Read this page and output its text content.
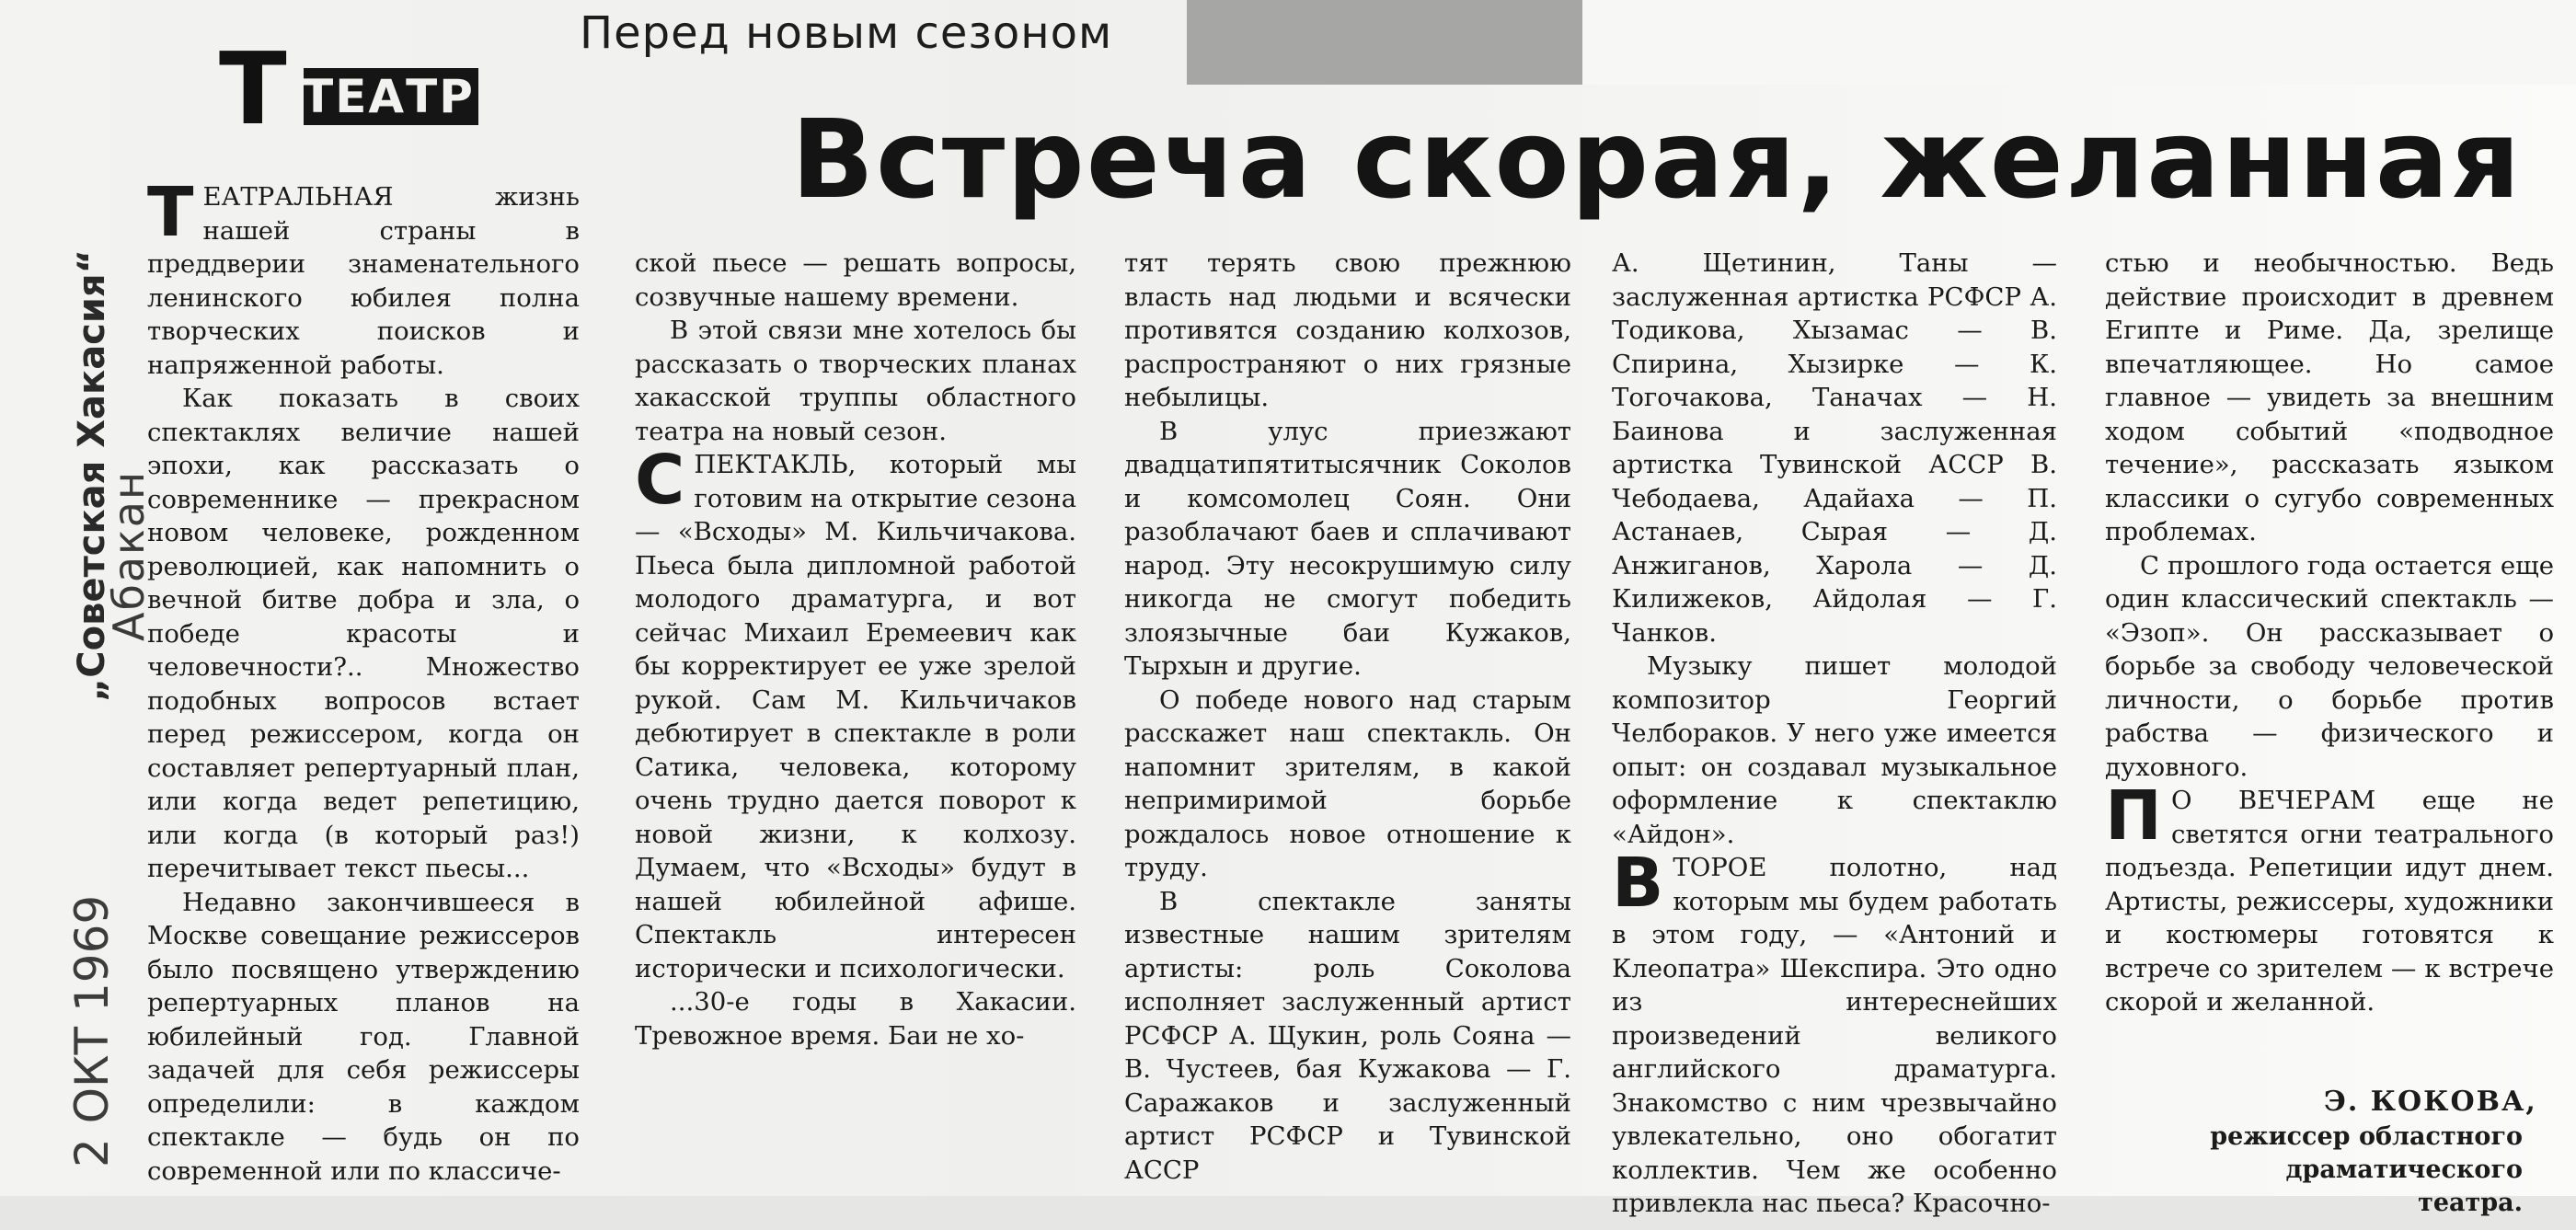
Перед новым сезоном
T ТЕАТР	Встреча скорая, желанная
„Советская Хакасия“
Абакан
2 ОКТ 1969

ТЕАТРАЛЬНАЯ жизнь нашей страны в преддверии знаменательного ленинского юбилея полна творческих поисков и напряженной работы.

Как показать в своих спектаклях величие нашей эпохи, как рассказать о современнике — прекрасном новом человеке, рожденном революцией, как напомнить о вечной битве добра и зла, о победе красоты и человечности?.. Множество подобных вопросов встает перед режиссером, когда он составляет репертуарный план, или когда ведет репетицию, или когда (в который раз!) перечитывает текст пьесы...

Недавно закончившееся в Москве совещание режиссеров было посвящено утверждению репертуарных планов на юбилейный год. Главной задачей для себя режиссеры определили: в каждом спектакле — будь он по современной или по классиче-

ской пьесе — решать вопросы, созвучные нашему времени.

В этой связи мне хотелось бы рассказать о творческих планах хакасской труппы областного театра на новый сезон.

СПЕКТАКЛЬ, который мы готовим на открытие сезона — «Всходы» М. Кильчичакова. Пьеса была дипломной работой молодого драматурга, и вот сейчас Михаил Еремеевич как бы корректирует ее уже зрелой рукой. Сам М. Кильчичаков дебютирует в спектакле в роли Сатика, человека, которому очень трудно дается поворот к новой жизни, к колхозу. Думаем, что «Всходы» будут в нашей юбилейной афише. Спектакль интересен исторически и психологически.

...30-е годы в Хакасии. Тревожное время. Баи не хо-

тят терять свою прежнюю власть над людьми и всячески противятся созданию колхозов, распространяют о них грязные небылицы.

В улус приезжают двадцатипятитысячник Соколов и комсомолец Соян. Они разоблачают баев и сплачивают народ. Эту несокрушимую силу никогда не смогут победить злоязычные баи Кужаков, Тырхын и другие.

О победе нового над старым расскажет наш спектакль. Он напомнит зрителям, в какой непримиримой борьбе рождалось новое отношение к труду.

В спектакле заняты известные нашим зрителям артисты: роль Соколова исполняет заслуженный артист РСФСР А. Щукин, роль Сояна — В. Чустеев, бая Кужакова — Г. Саражаков и заслуженный артист РСФСР и Тувинской АССР

А. Щетинин, Таны — заслуженная артистка РСФСР А. Тодикова, Хызамас — В. Спирина, Хызирке — К. Тогочакова, Таначах — Н. Баинова и заслуженная артистка Тувинской АССР В. Чебодаева, Адайаха — П. Астанаев, Сырая — Д. Анжиганов, Харола — Д. Килижеков, Айдолая — Г. Чанков.

Музыку пишет молодой композитор Георгий Челбораков. У него уже имеется опыт: он создавал музыкальное оформление к спектаклю «Айдон».

ВТОРОЕ полотно, над которым мы будем работать в этом году, — «Антоний и Клеопатра» Шекспира. Это одно из интереснейших произведений великого английского драматурга. Знакомство с ним чрезвычайно увлекательно, оно обогатит коллектив. Чем же особенно привлекла нас пьеса? Красочно-

стью и необычностью. Ведь действие происходит в древнем Египте и Риме. Да, зрелище впечатляющее. Но самое главное — увидеть за внешним ходом событий «подводное течение», рассказать языком классики о сугубо современных проблемах.

С прошлого года остается еще один классический спектакль — «Эзоп». Он рассказывает о борьбе за свободу человеческой личности, о борьбе против рабства — физического и духовного.

П О ВЕЧЕРАМ еще не светятся огни театрального подъезда. Репетиции идут днем. Артисты, режиссеры, художники и костюмеры готовятся к встрече со зрителем — к встрече скорой и желанной.

Э. КОКОВА,
режиссер областного
драматического театра.
